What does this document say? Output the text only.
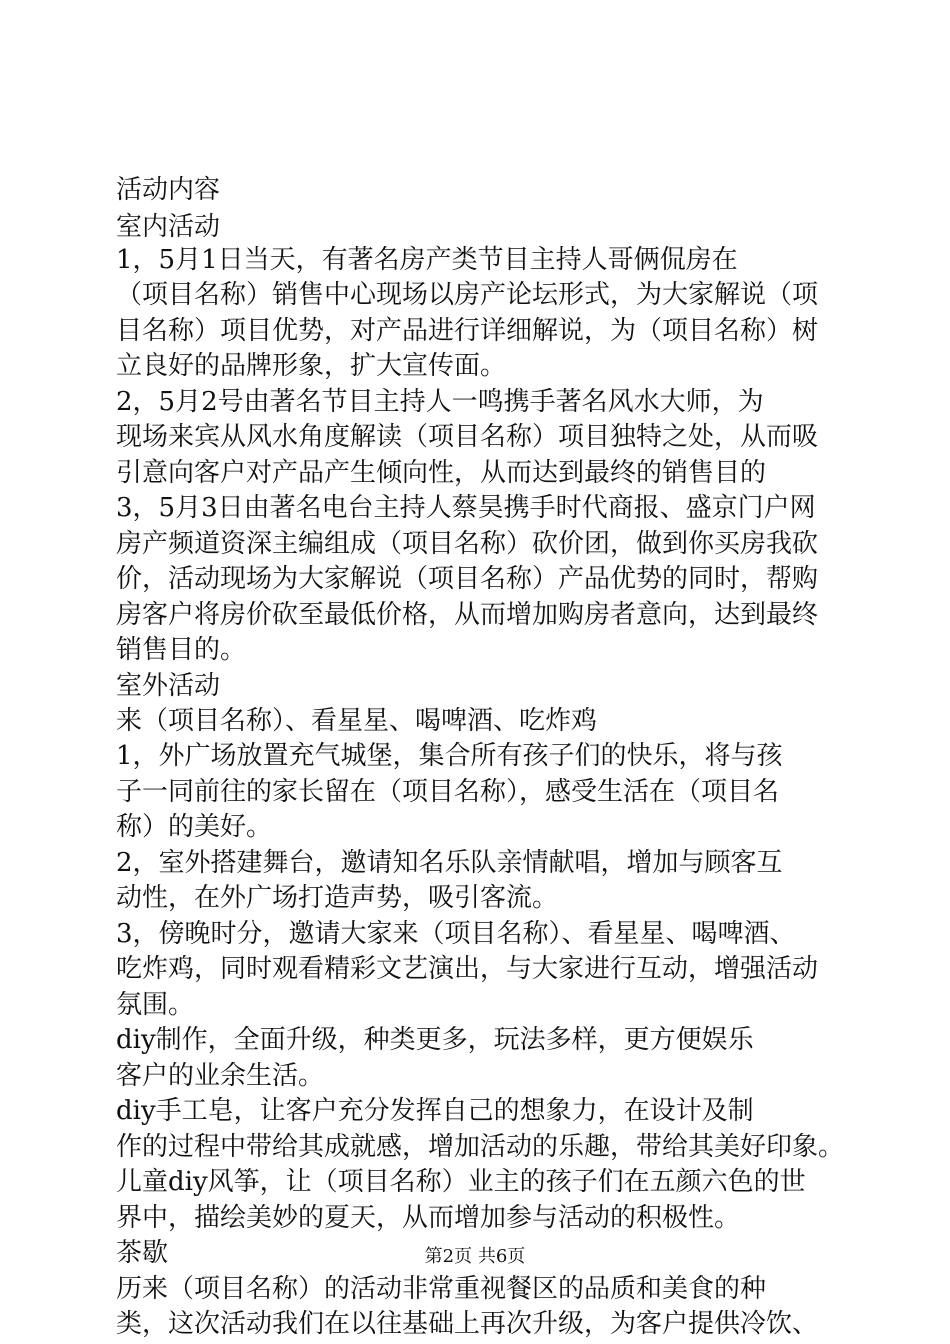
活动内容
室内活动
1，5月1日当天，有著名房产类节目主持人哥俩侃房在
（项目名称）销售中心现场以房产论坛形式，为大家解说（项
目名称）项目优势，对产品进行详细解说，为（项目名称）树
立良好的品牌形象，扩大宣传面。
2，5月2号由著名节目主持人一鸣携手著名风水大师，为
现场来宾从风水角度解读（项目名称）项目独特之处，从而吸
引意向客户对产品产生倾向性，从而达到最终的销售目的
3，5月3日由著名电台主持人蔡昊携手时代商报、盛京门户网
房产频道资深主编组成（项目名称）砍价团，做到你买房我砍
价，活动现场为大家解说（项目名称）产品优势的同时，帮购
房客户将房价砍至最低价格，从而增加购房者意向，达到最终
销售目的。
室外活动
来（项目名称）、看星星、喝啤酒、吃炸鸡
1，外广场放置充气城堡，集合所有孩子们的快乐，将与孩
子一同前往的家长留在（项目名称），感受生活在（项目名
称）的美好。
2，室外搭建舞台，邀请知名乐队亲情献唱，增加与顾客互
动性，在外广场打造声势，吸引客流。
3，傍晚时分，邀请大家来（项目名称）、看星星、喝啤酒、
吃炸鸡，同时观看精彩文艺演出，与大家进行互动，增强活动
氛围。
diy制作，全面升级，种类更多，玩法多样，更方便娱乐
客户的业余生活。
diy手工皂，让客户充分发挥自己的想象力，在设计及制
作的过程中带给其成就感，增加活动的乐趣，带给其美好印象。
儿童diy风筝，让（项目名称）业主的孩子们在五颜六色的世
界中，描绘美妙的夏天，从而增加参与活动的积极性。
茶歇
历来（项目名称）的活动非常重视餐区的品质和美食的种
类，这次活动我们在以往基础上再次升级，为客户提供冷饮、
第2页 共6页
